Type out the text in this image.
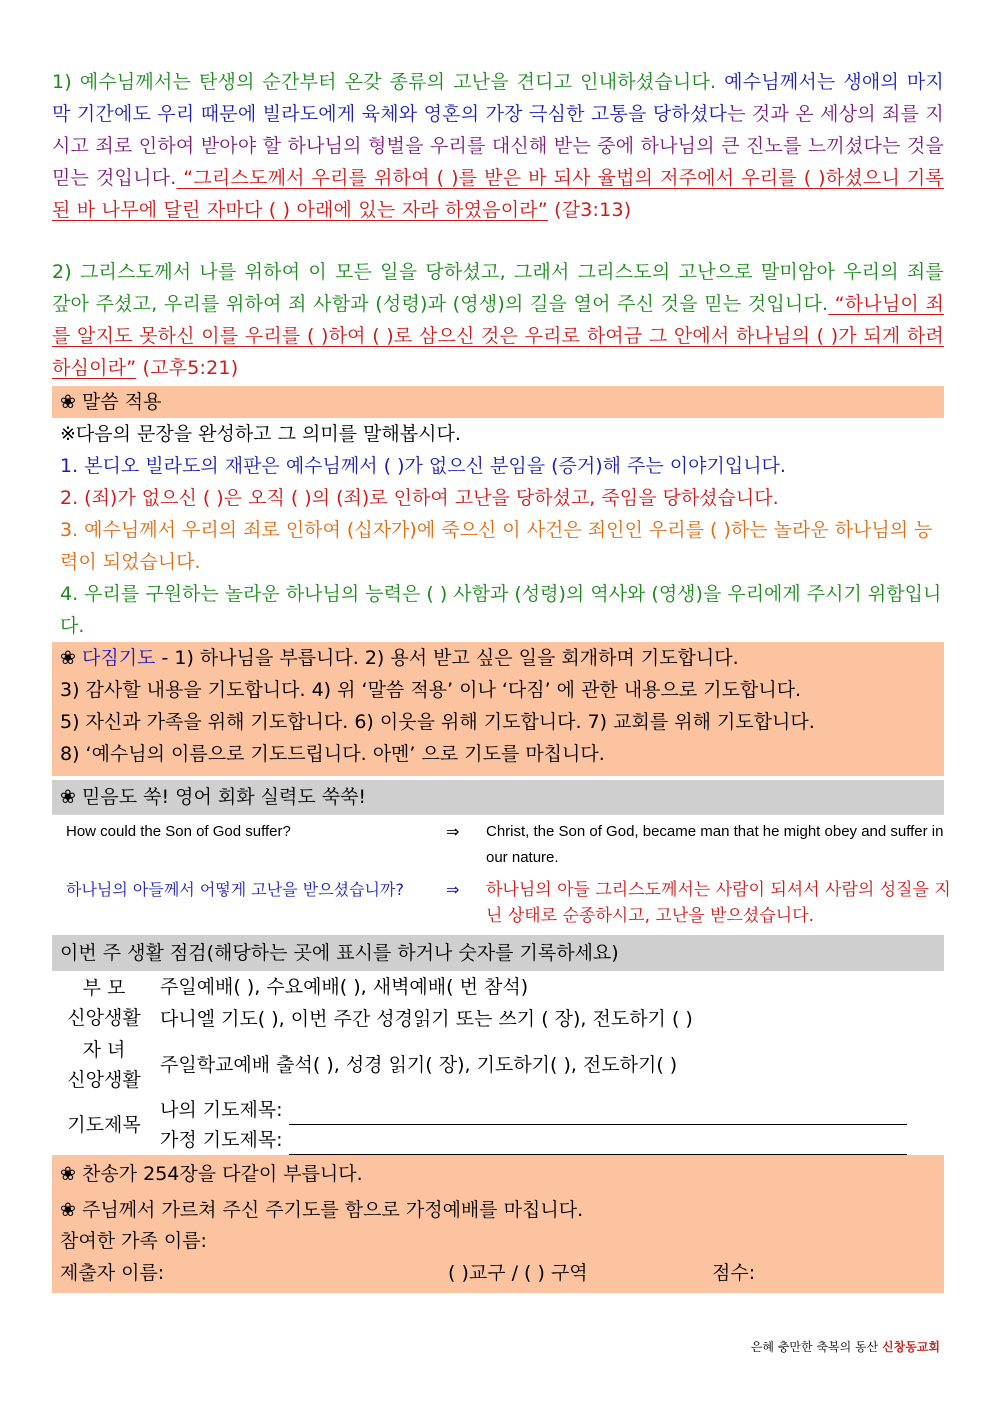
1) 예수님께서는 탄생의 순간부터 온갖 종류의 고난을 견디고 인내하셨습니다. 예수님께서는 생애의 마지막 기간에도 우리 때문에 빌라도에게 육체와 영혼의 가장 극심한 고통을 당하셨다는 것과 온 세상의 죄를 지시고 죄로 인하여 받아야 할 하나님의 형벌을 우리를 대신해 받는 중에 하나님의 큰 진노를 느끼셨다는 것을 믿는 것입니다. “그리스도께서 우리를 위하여 ( )를 받은 바 되사 율법의 저주에서 우리를 ( )하셨으니 기록된 바 나무에 달린 자마다 ( ) 아래에 있는 자라 하였음이라” (갈3:13)
2) 그리스도께서 나를 위하여 이 모든 일을 당하셨고, 그래서 그리스도의 고난으로 말미암아 우리의 죄를 갚아 주셨고, 우리를 위하여 죄 사함과 (성령)과 (영생)의 길을 열어 주신 것을 믿는 것입니다. “하나님이 죄를 알지도 못하신 이를 우리를 ( )하여 ( )로 삼으신 것은 우리로 하여금 그 안에서 하나님의 ( )가 되게 하려 하심이라” (고후5:21)
❀ 말씀 적용
※다음의 문장을 완성하고 그 의미를 말해봅시다.
1. 본디오 빌라도의 재판은 예수님께서 ( )가 없으신 분임을 (증거)해 주는 이야기입니다.
2. (죄)가 없으신 ( )은 오직 ( )의 (죄)로 인하여 고난을 당하셨고, 죽임을 당하셨습니다.
3. 예수님께서 우리의 죄로 인하여 (십자가)에 죽으신 이 사건은 죄인인 우리를 ( )하는 놀라운 하나님의 능력이 되었습니다.
4. 우리를 구원하는 놀라운 하나님의 능력은 ( ) 사함과 (성령)의 역사와 (영생)을 우리에게 주시기 위함입니다.
❀ 다짐기도 - 1) 하나님을 부릅니다. 2) 용서 받고 싶은 일을 회개하며 기도합니다.
3) 감사할 내용을 기도합니다. 4) 위 ‘말씀 적용’ 이나 ‘다짐’ 에 관한 내용으로 기도합니다.
5) 자신과 가족을 위해 기도합니다. 6) 이웃을 위해 기도합니다. 7) 교회를 위해 기도합니다.
8) ‘예수님의 이름으로 기도드립니다. 아멘’ 으로 기도를 마칩니다.
❀ 믿음도 쑥! 영어 회화 실력도 쑥쑥!
How could the Son of God suffer?	⇒	Christ, the Son of God, became man that he might obey and suffer in our nature.
하나님의 아들께서 어떻게 고난을 받으셨습니까?	⇒	하나님의 아들 그리스도께서는 사람이 되셔서 사람의 성질을 지닌 상태로 순종하시고, 고난을 받으셨습니다.
이번 주 생활 점검(해당하는 곳에 표시를 하거나 숫자를 기록하세요)
부 모
신앙생활	주일예배( ), 수요예배( ), 새벽예배( 번 참석)
	다니엘 기도( ), 이번 주간 성경읽기 또는 쓰기 ( 장), 전도하기 ( )

자 녀
신앙생활	주일학교예배 출석( ), 성경 읽기( 장), 기도하기( ), 전도하기( )
기도제목	나의 기도제목:
	가정 기도제목:
❀ 찬송가 254장을 다같이 부릅니다.
❀ 주님께서 가르쳐 주신 주기도를 함으로 가정예배를 마칩니다.
참여한 가족 이름:
제출자 이름:	( )교구 / ( ) 구역	점수:
은혜 충만한 축복의 동산 신창동교회
